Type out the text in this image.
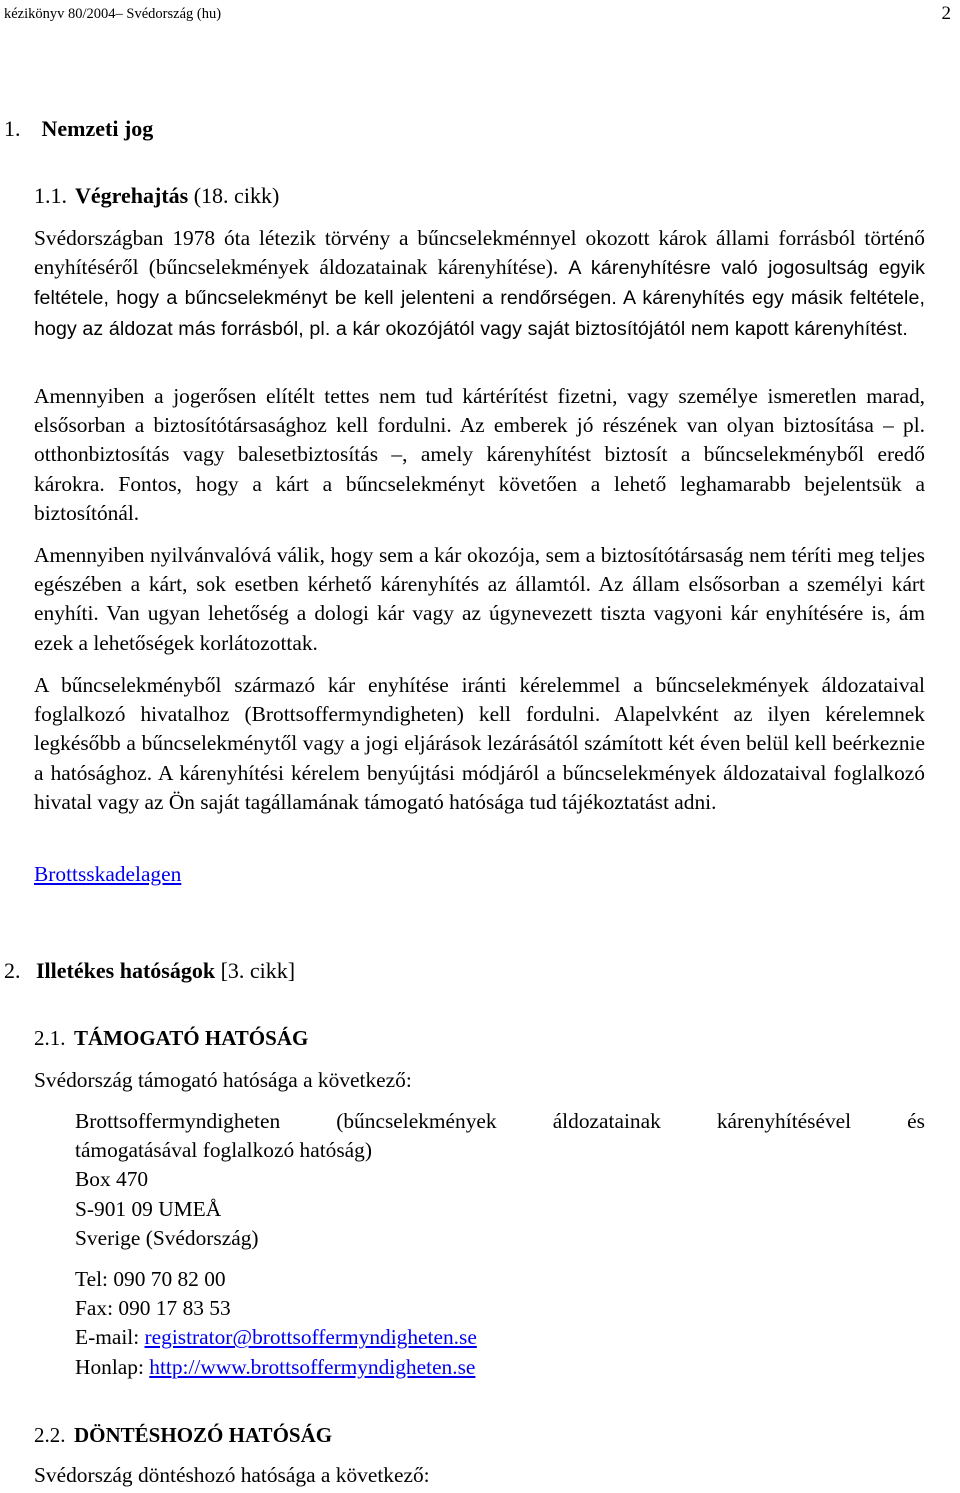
kézikönyv 80/2004– Svédország (hu)	2
1. Nemzeti jog
1.1. Végrehajtás (18. cikk)

Svédországban 1978 óta létezik törvény a bűncselekménnyel okozott károk állami forrásból történő enyhítéséről (bűncselekmények áldozatainak kárenyhítése). A kárenyhítésre való jogosultság egyik feltétele, hogy a bűncselekményt be kell jelenteni a rendőrségen. A kárenyhítés egy másik feltétele, hogy az áldozat más forrásból, pl. a kár okozójától vagy saját biztosítójától nem kapott kárenyhítést.

Amennyiben a jogerősen elítélt tettes nem tud kártérítést fizetni, vagy személye ismeretlen marad, elsősorban a biztosítótársasághoz kell fordulni. Az emberek jó részének van olyan biztosítása – pl. otthonbiztosítás vagy balesetbiztosítás –, amely kárenyhítést biztosít a bűncselekményből eredő károkra. Fontos, hogy a kárt a bűncselekményt követően a lehető leghamarabb bejelentsük a biztosítónál.

Amennyiben nyilvánvalóvá válik, hogy sem a kár okozója, sem a biztosítótársaság nem téríti meg teljes egészében a kárt, sok esetben kérhető kárenyhítés az államtól. Az állam elsősorban a személyi kárt enyhíti. Van ugyan lehetőség a dologi kár vagy az úgynevezett tiszta vagyoni kár enyhítésére is, ám ezek a lehetőségek korlátozottak.

A bűncselekményből származó kár enyhítése iránti kérelemmel a bűncselekmények áldozataival foglalkozó hivatalhoz (Brottsoffermyndigheten) kell fordulni. Alapelvként az ilyen kérelemnek legkésőbb a bűncselekménytől vagy a jogi eljárások lezárásától számított két éven belül kell beérkeznie a hatósághoz. A kárenyhítési kérelem benyújtási módjáról a bűncselekmények áldozataival foglalkozó hivatal vagy az Ön saját tagállamának támogató hatósága tud tájékoztatást adni.

Brottsskadelagen
2. Illetékes hatóságok [3. cikk]
2.1. TÁMOGATÓ HATÓSÁG

Svédország támogató hatósága a következő:

Brottsoffermyndigheten (bűncselekmények áldozatainak kárenyhítésével és
támogatásával foglalkozó hatóság)
Box 470
S-901 09 UMEÅ
Sverige (Svédország)
Tel: 090 70 82 00
Fax: 090 17 83 53
E-mail: registrator@brottsoffermyndigheten.se
Honlap: http://www.brottsoffermyndigheten.se
2.2. DÖNTÉSHOZÓ HATÓSÁG

Svédország döntéshozó hatósága a következő:
